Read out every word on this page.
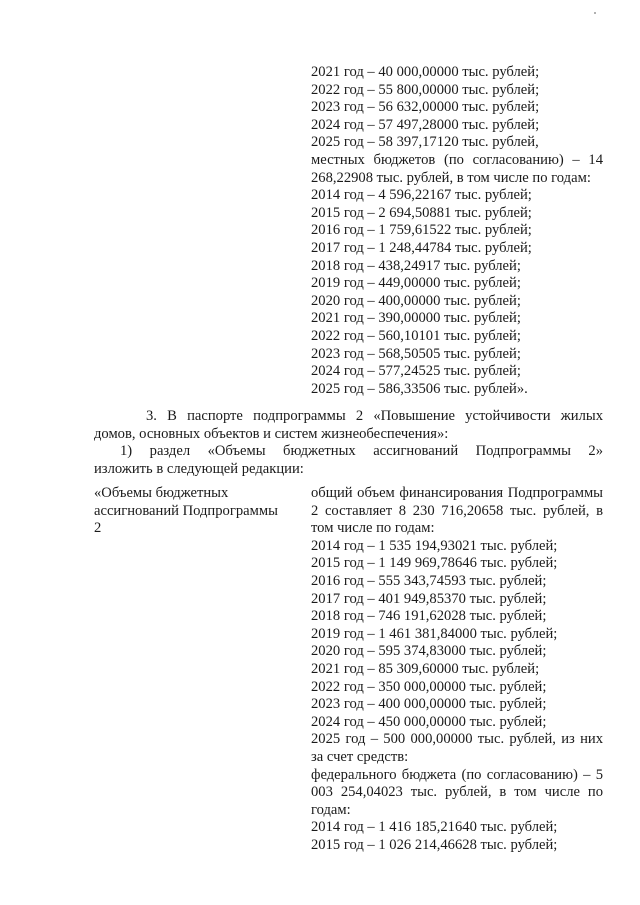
2021 год – 40 000,00000 тыс. рублей;
2022 год – 55 800,00000 тыс. рублей;
2023 год – 56 632,00000 тыс. рублей;
2024 год – 57 497,28000 тыс. рублей;
2025 год – 58 397,17120 тыс. рублей,
местных бюджетов (по согласованию) – 14 268,22908 тыс. рублей, в том числе по годам:
2014 год – 4 596,22167 тыс. рублей;
2015 год – 2 694,50881 тыс. рублей;
2016 год – 1 759,61522 тыс. рублей;
2017 год – 1 248,44784 тыс. рублей;
2018 год – 438,24917 тыс. рублей;
2019 год – 449,00000 тыс. рублей;
2020 год – 400,00000 тыс. рублей;
2021 год – 390,00000 тыс. рублей;
2022 год – 560,10101 тыс. рублей;
2023 год – 568,50505 тыс. рублей;
2024 год – 577,24525 тыс. рублей;
2025 год – 586,33506 тыс. рублей».
3. В паспорте подпрограммы 2 «Повышение устойчивости жилых
домов, основных объектов и систем жизнеобеспечения»:
1) раздел «Объемы бюджетных ассигнований Подпрограммы 2»
изложить в следующей редакции:
«Объемы бюджетных
ассигнований Подпрограммы
2
общий объем финансирования Подпрограммы 2 составляет 8 230 716,20658 тыс. рублей, в том числе по годам:
2014 год – 1 535 194,93021 тыс. рублей;
2015 год – 1 149 969,78646 тыс. рублей;
2016 год – 555 343,74593 тыс. рублей;
2017 год – 401 949,85370 тыс. рублей;
2018 год – 746 191,62028 тыс. рублей;
2019 год – 1 461 381,84000 тыс. рублей;
2020 год – 595 374,83000 тыс. рублей;
2021 год – 85 309,60000 тыс. рублей;
2022 год – 350 000,00000 тыс. рублей;
2023 год – 400 000,00000 тыс. рублей;
2024 год – 450 000,00000 тыс. рублей;
2025 год – 500 000,00000 тыс. рублей, из них за счет средств:
федерального бюджета (по согласованию) – 5 003 254,04023 тыс. рублей, в том числе по годам:
2014 год – 1 416 185,21640 тыс. рублей;
2015 год – 1 026 214,46628 тыс. рублей;
